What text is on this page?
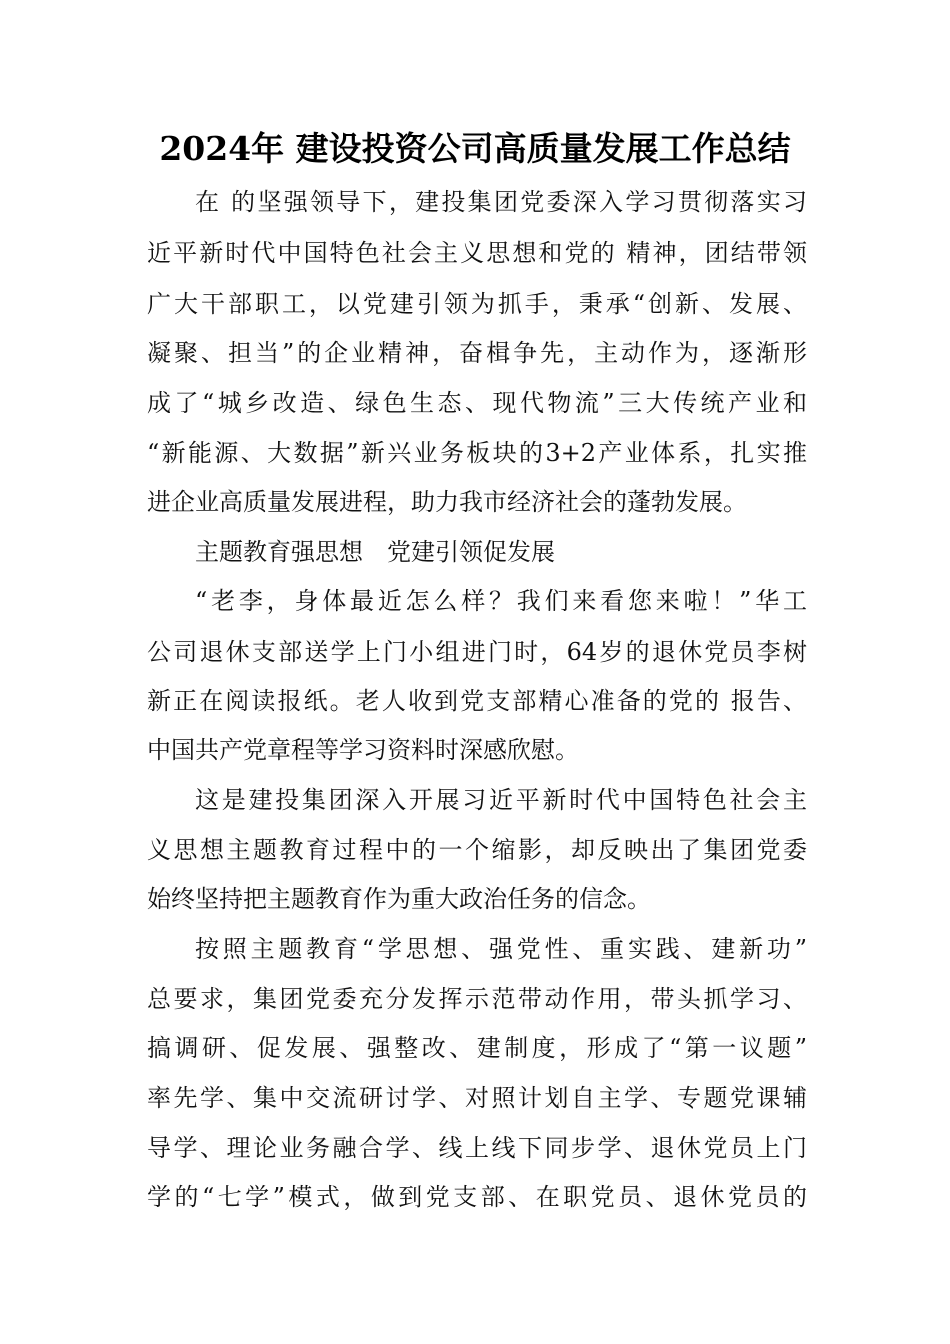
2024年 建设投资公司高质量发展工作总结
在 的坚强领导下，建投集团党委深入学习贯彻落实习
近平新时代中国特色社会主义思想和党的 精神，团结带领
广大干部职工，以党建引领为抓手，秉承“创新、发展、
凝聚、担当”的企业精神，奋楫争先，主动作为，逐渐形
成了“城乡改造、绿色生态、现代物流”三大传统产业和
“新能源、大数据”新兴业务板块的3+2产业体系，扎实推
进企业高质量发展进程，助力我市经济社会的蓬勃发展。
主题教育强思想　党建引领促发展
“老李，身体最近怎么样？我们来看您来啦！”华工
公司退休支部送学上门小组进门时，64岁的退休党员李树
新正在阅读报纸。老人收到党支部精心准备的党的 报告、
中国共产党章程等学习资料时深感欣慰。
这是建投集团深入开展习近平新时代中国特色社会主
义思想主题教育过程中的一个缩影，却反映出了集团党委
始终坚持把主题教育作为重大政治任务的信念。
按照主题教育“学思想、强党性、重实践、建新功”
总要求，集团党委充分发挥示范带动作用，带头抓学习、
搞调研、促发展、强整改、建制度，形成了“第一议题”
率先学、集中交流研讨学、对照计划自主学、专题党课辅
导学、理论业务融合学、线上线下同步学、退休党员上门
学的“七学”模式，做到党支部、在职党员、退休党员的
